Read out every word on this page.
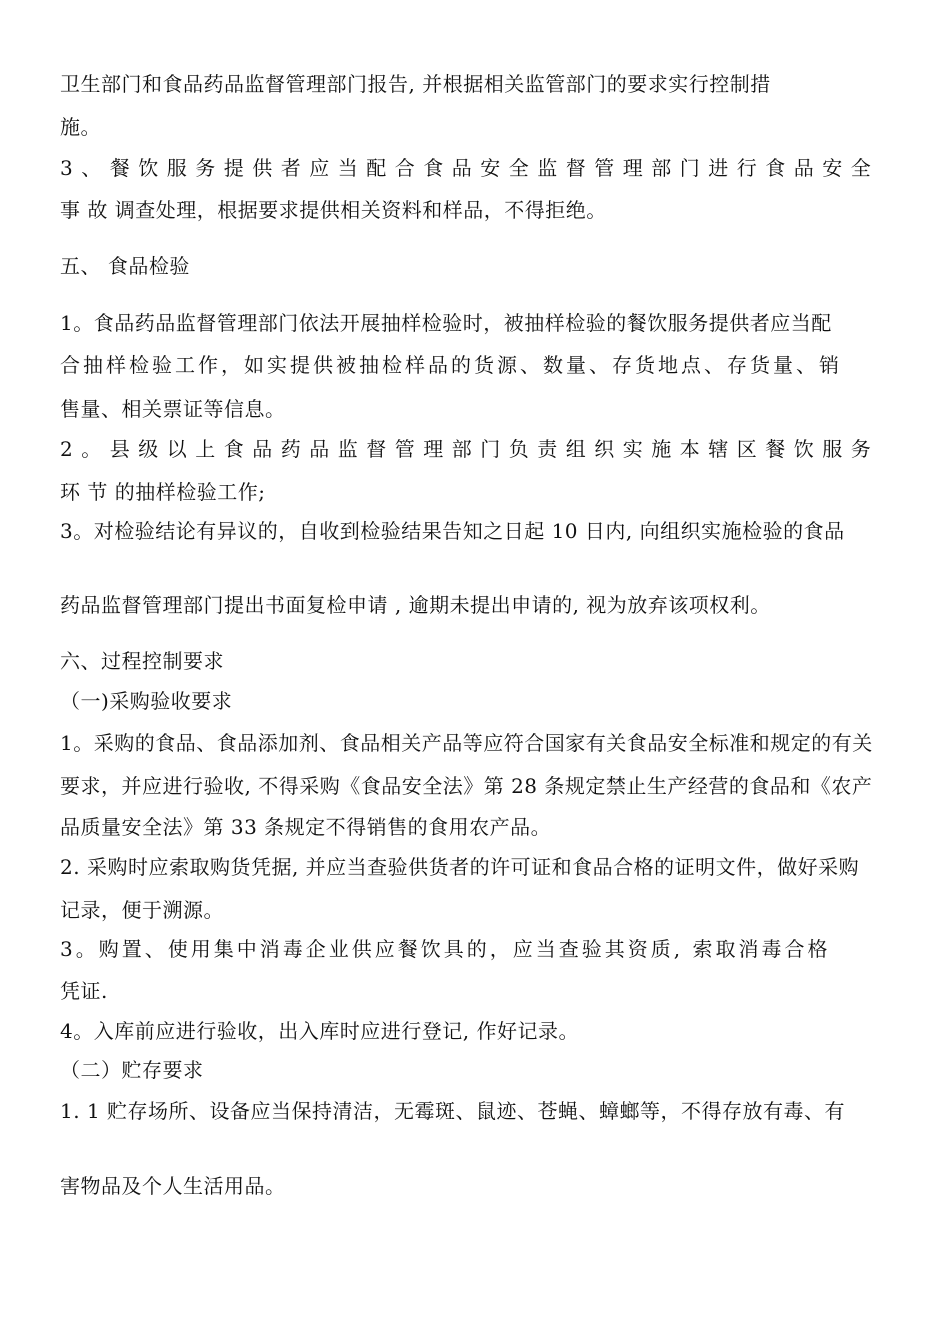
卫生部门和食品药品监督管理部门报告, 并根据相关监管部门的要求实行控制措
施。
3、餐饮服务提供者应当配合食品安全监督管理部门进行食品安全
事 故 调查处理，根据要求提供相关资料和样品，不得拒绝。
五、 食品检验
1。食品药品监督管理部门依法开展抽样检验时，被抽样检验的餐饮服务提供者应当配
合抽样检验工作，如实提供被抽检样品的货源、数量、存货地点、存货量、销
售量、相关票证等信息。
2。县级以上食品药品监督管理部门负责组织实施本辖区餐饮服务
环 节 的抽样检验工作;
3。对检验结论有异议的，自收到检验结果告知之日起 10 日内, 向组织实施检验的食品
药品监督管理部门提出书面复检申请 , 逾期未提出申请的, 视为放弃该项权利。
六、过程控制要求
（一)采购验收要求
1。采购的食品、食品添加剂、食品相关产品等应符合国家有关食品安全标准和规定的有关
要求，并应进行验收, 不得采购《食品安全法》第 28 条规定禁止生产经营的食品和《农产
品质量安全法》第 33 条规定不得销售的食用农产品。
2. 采购时应索取购货凭据, 并应当查验供货者的许可证和食品合格的证明文件，做好采购
记录，便于溯源。
3。购置、使用集中消毒企业供应餐饮具的，应当查验其资质, 索取消毒合格
凭证.
4。入库前应进行验收，出入库时应进行登记, 作好记录。
（二）贮存要求
1. 1 贮存场所、设备应当保持清洁，无霉斑、鼠迹、苍蝇、蟑螂等，不得存放有毒、有
害物品及个人生活用品。
